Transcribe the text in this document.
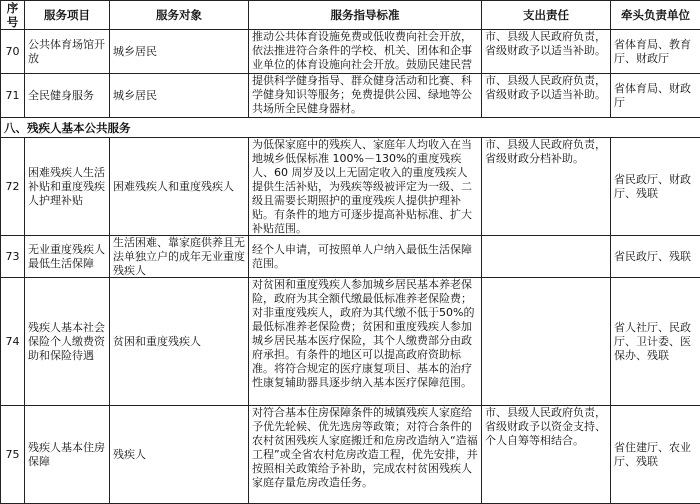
序号	服务项目	服务对象	服务指导标准	支出责任	牵头负责单位
70	公共体育场馆开放	城乡居民	推动公共体育设施免费或低收费向社会开放，依法推进符合条件的学校、机关、团体和企事业单位的体育设施向社会开放。鼓励民建民营	市、县级人民政府负责，省级财政予以适当补助。	省体育局、教育厅、财政厅
71	全民健身服务	城乡居民	提供科学健身指导、群众健身活动和比赛、科学健身知识等服务；免费提供公园、绿地等公共场所全民健身器材。	市、县级人民政府负责，省级财政予以适当补助。	省体育局、财政厅
八、残疾人基本公共服务					
72	困难残疾人生活补贴和重度残疾人护理补贴	困难残疾人和重度残疾人	为低保家庭中的残疾人、家庭年人均收入在当地城乡低保标准 100%－130%的重度残疾人、60 周岁及以上无固定收入的重度残疾人提供生活补贴，为残疾等级被评定为一级、二级且需要长期照护的重度残疾人提供护理补贴。有条件的地方可逐步提高补贴标准、扩大补贴范围。	市、县级人民政府负责，省级财政分档补助。	省民政厅、财政厅、残联
73	无业重度残疾人最低生活保障	生活困难、靠家庭供养且无法单独立户的成年无业重度残疾人	经个人申请，可按照单人户纳入最低生活保障范围。		省民政厅、残联
74	残疾人基本社会保险个人缴费资助和保险待遇	贫困和重度残疾人	对贫困和重度残疾人参加城乡居民基本养老保险，政府为其全额代缴最低标准养老保险费；对非重度残疾人，政府为其代缴不低于50%的最低标准养老保险费；贫困和重度残疾人参加城乡居民基本医疗保险，其个人缴费部分由政府承担。有条件的地区可以提高政府资助标准。将符合规定的医疗康复项目、基本的治疗性康复辅助器具逐步纳入基本医疗保障范围。		省人社厅、民政厅、卫计委、医保办、残联
75	残疾人基本住房保障	残疾人	对符合基本住房保障条件的城镇残疾人家庭给予优先轮候、优先选房等政策；对符合条件的农村贫困残疾人家庭搬迁和危房改造纳入“造福工程”或全省农村危房改造工程，优先安排，并按照相关政策给予补助，完成农村贫困残疾人家庭存量危房改造任务。	市、县级人民政府负责，省级财政予以资金支持、个人自筹等相结合。	省住建厅、农业厅、残联
